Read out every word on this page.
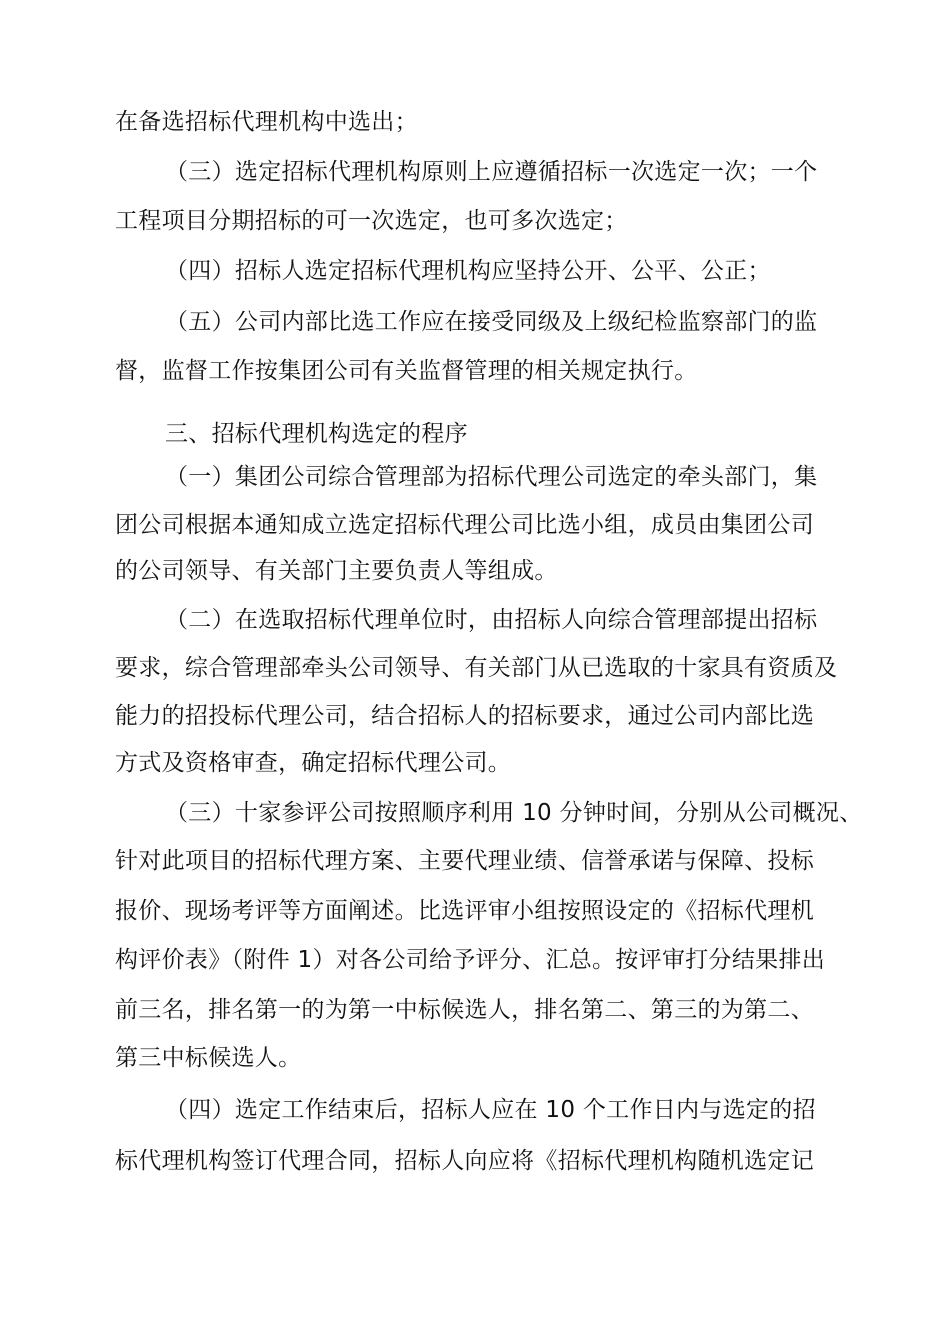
在备选招标代理机构中选出；
（三）选定招标代理机构原则上应遵循招标一次选定一次；一个
工程项目分期招标的可一次选定，也可多次选定；
（四）招标人选定招标代理机构应坚持公开、公平、公正；
（五）公司内部比选工作应在接受同级及上级纪检监察部门的监
督，监督工作按集团公司有关监督管理的相关规定执行。
三、招标代理机构选定的程序
（一）集团公司综合管理部为招标代理公司选定的牵头部门，集
团公司根据本通知成立选定招标代理公司比选小组，成员由集团公司
的公司领导、有关部门主要负责人等组成。
（二）在选取招标代理单位时，由招标人向综合管理部提出招标
要求，综合管理部牵头公司领导、有关部门从已选取的十家具有资质及
能力的招投标代理公司，结合招标人的招标要求，通过公司内部比选
方式及资格审查，确定招标代理公司。
（三）十家参评公司按照顺序利用 10 分钟时间，分别从公司概况、
针对此项目的招标代理方案、主要代理业绩、信誉承诺与保障、投标
报价、现场考评等方面阐述。比选评审小组按照设定的《招标代理机
构评价表》（附件 1）对各公司给予评分、汇总。按评审打分结果排出
前三名，排名第一的为第一中标候选人，排名第二、第三的为第二、
第三中标候选人。
（四）选定工作结束后，招标人应在 10 个工作日内与选定的招
标代理机构签订代理合同，招标人向应将《招标代理机构随机选定记
